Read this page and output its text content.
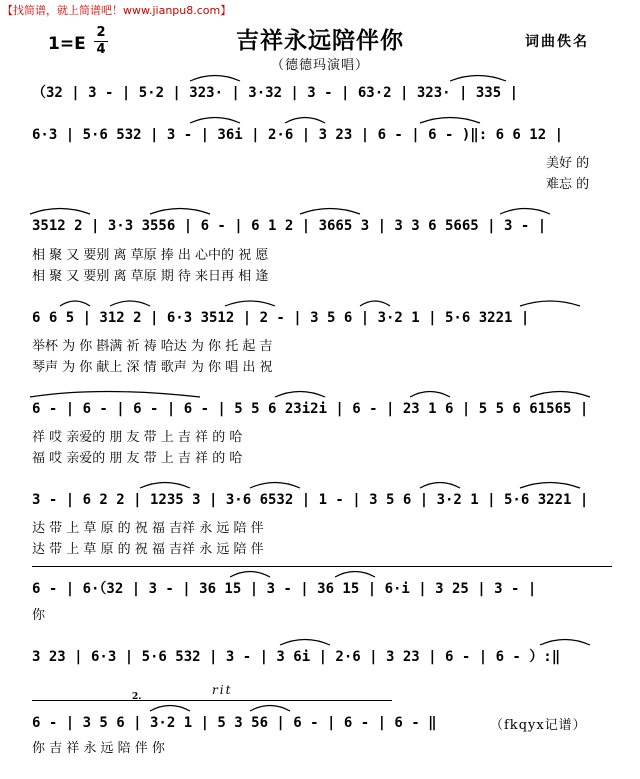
【找简谱，就上简谱吧！www.jianpu8.com】
1=E
2
4	吉祥永远陪伴你
（德德玛演唱）
词曲佚名
（32 | 3 - | 5·2 | 323· | 3·32 | 3 - | 63·2 | 323· | 335 |
6·3 | 5·6 532 | 3 - | 36i | 2·6 | 3 23 | 6 - | 6 - )‖: 6 6 12 |
美好 的
难忘 的
3512 2 | 3·3 3556 | 6 - | 6 1 2 | 3665 3 | 3 3 6 5665 | 3 - |
相 聚 又 要别 离 草原 捧 出 心中的 祝 愿
相 聚 又 要别 离 草原 期 待 来日再 相 逢
6 6 5 | 312 2 | 6·3 3512 | 2 - | 3 5 6 | 3·2 1 | 5·6 3221 |
举杯 为 你 斟满 祈 祷 哈达 为 你 托 起 吉
琴声 为 你 献上 深 情 歌声 为 你 唱 出 祝
6 - | 6 - | 6 - | 6 - | 5 5 6 23i2i | 6 - | 23 1 6 | 5 5 6 61565 |
祥 哎 亲爱的 朋 友 带 上 吉 祥 的 哈
福 哎 亲爱的 朋 友 带 上 吉 祥 的 哈
3 - | 6 2 2 | 1235 3 | 3·6 6532 | 1 - | 3 5 6 | 3·2 1 | 5·6 3221 |
达 带 上 草 原 的 祝 福 吉祥 永 远 陪 伴
达 带 上 草 原 的 祝 福 吉祥 永 远 陪 伴
6 - | 6·（32 | 3 - | 36 15 | 3 - | 36 15 | 6·i | 3 25 | 3 - |
你
3 23 | 6·3 | 5·6 532 | 3 - | 3 6i | 2·6 | 3 23 | 6 - | 6 - ）:‖
2.	rit
6 - | 3 5 6 | 3·2 1 | 5 3 56 | 6 - | 6 - | 6 - ‖
你 吉 祥 永 远 陪 伴 你
（fkqyx记谱）
